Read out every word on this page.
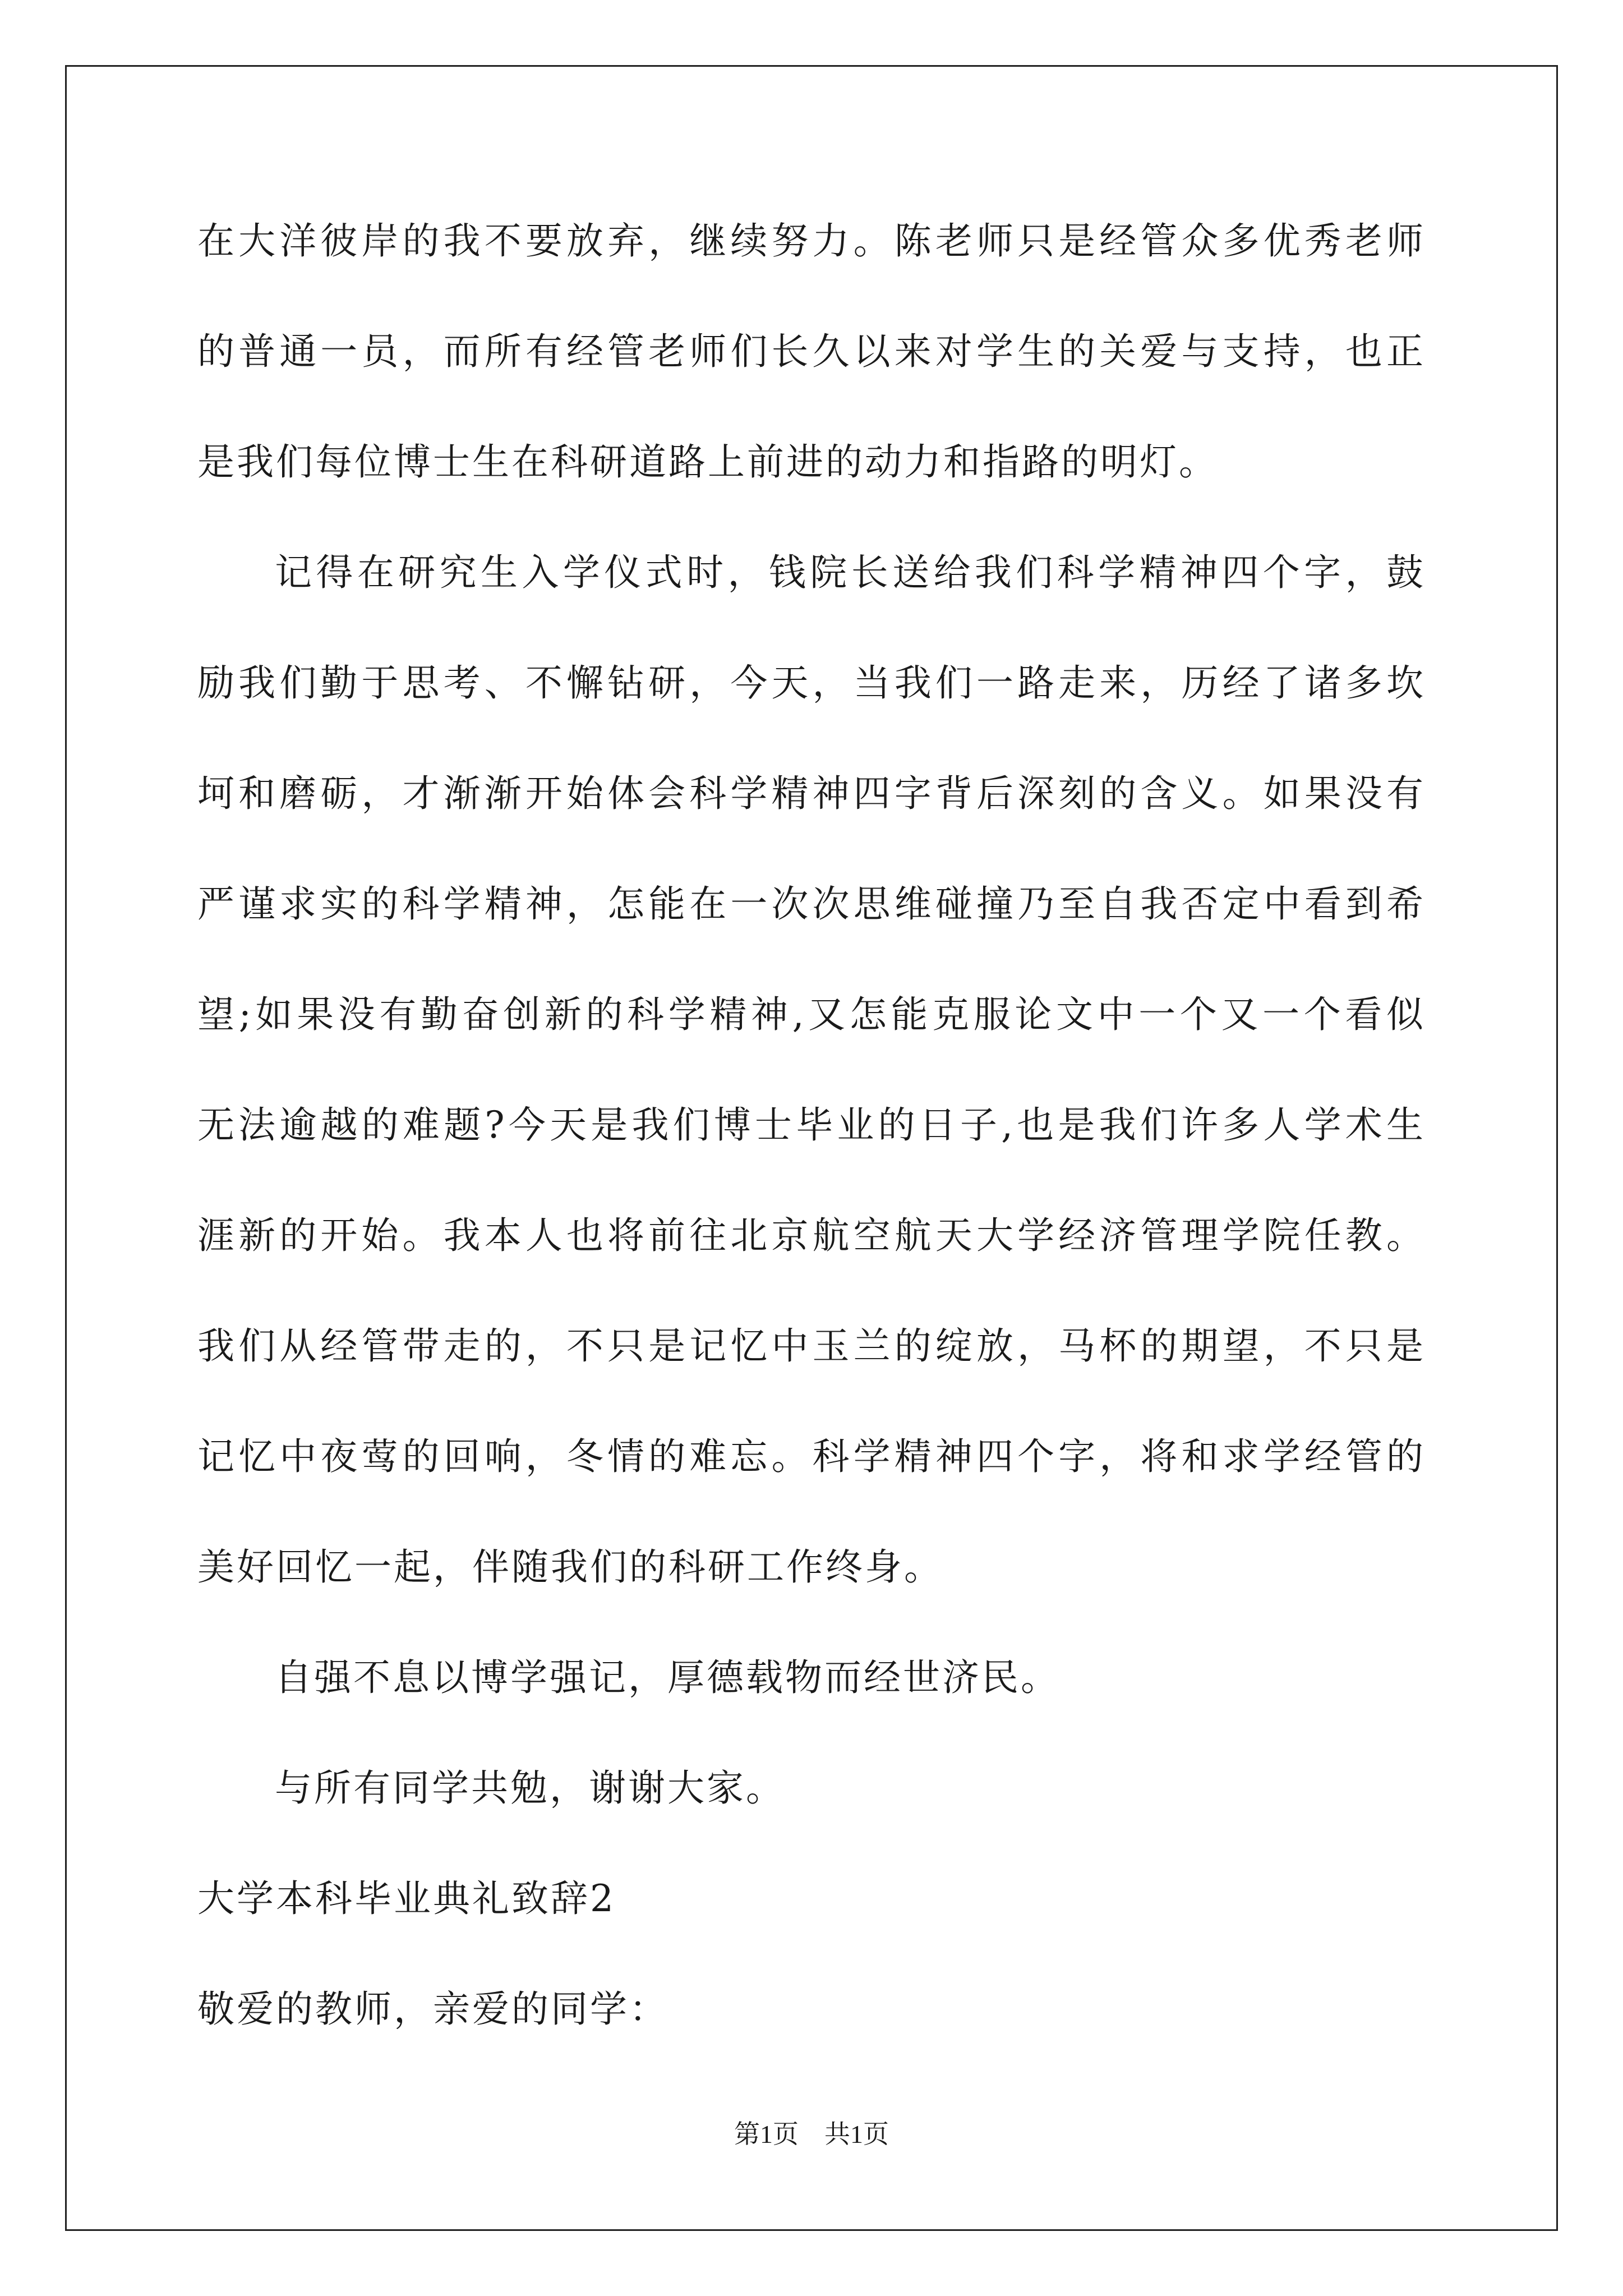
在大洋彼岸的我不要放弃，继续努力。陈老师只是经管众多优秀老师
的普通一员，而所有经管老师们长久以来对学生的关爱与支持，也正
是我们每位博士生在科研道路上前进的动力和指路的明灯。
记得在研究生入学仪式时，钱院长送给我们科学精神四个字，鼓
励我们勤于思考、不懈钻研，今天，当我们一路走来，历经了诸多坎
坷和磨砺，才渐渐开始体会科学精神四字背后深刻的含义。如果没有
严谨求实的科学精神，怎能在一次次思维碰撞乃至自我否定中看到希
望;如果没有勤奋创新的科学精神,又怎能克服论文中一个又一个看似
无法逾越的难题?今天是我们博士毕业的日子,也是我们许多人学术生
涯新的开始。我本人也将前往北京航空航天大学经济管理学院任教。
我们从经管带走的，不只是记忆中玉兰的绽放，马杯的期望，不只是
记忆中夜莺的回响，冬情的难忘。科学精神四个字，将和求学经管的
美好回忆一起，伴随我们的科研工作终身。
自强不息以博学强记，厚德载物而经世济民。
与所有同学共勉，谢谢大家。
大学本科毕业典礼致辞2
敬爱的教师，亲爱的同学：
第1页　共1页
